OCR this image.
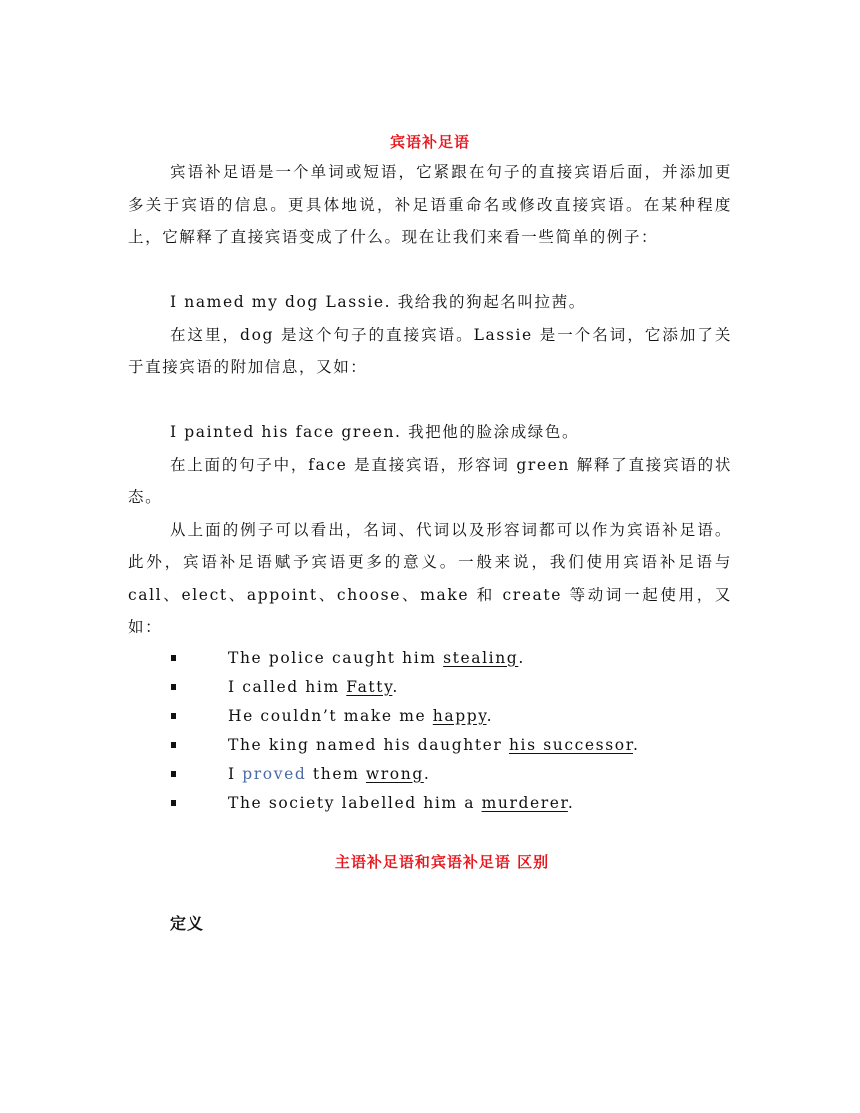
宾语补足语

宾语补足语是一个单词或短语，它紧跟在句子的直接宾语后面，并添加更多关于宾语的信息。更具体地说，补足语重命名或修改直接宾语。在某种程度上，它解释了直接宾语变成了什么。现在让我们来看一些简单的例子：

I named my dog Lassie. 我给我的狗起名叫拉茜。

在这里，dog 是这个句子的直接宾语。Lassie 是一个名词，它添加了关于直接宾语的附加信息，又如：

I painted his face green. 我把他的脸涂成绿色。

在上面的句子中，face 是直接宾语，形容词 green 解释了直接宾语的状态。

从上面的例子可以看出，名词、代词以及形容词都可以作为宾语补足语。此外，宾语补足语赋予宾语更多的意义。一般来说，我们使用宾语补足语与 call、elect、appoint、choose、make 和 create 等动词一起使用，又如：

The police caught him stealing.
I called him Fatty.
He couldn’t make me happy.
The king named his daughter his successor.
I proved them wrong.
The society labelled him a murderer.

主语补足语和宾语补足语 区别

定义
